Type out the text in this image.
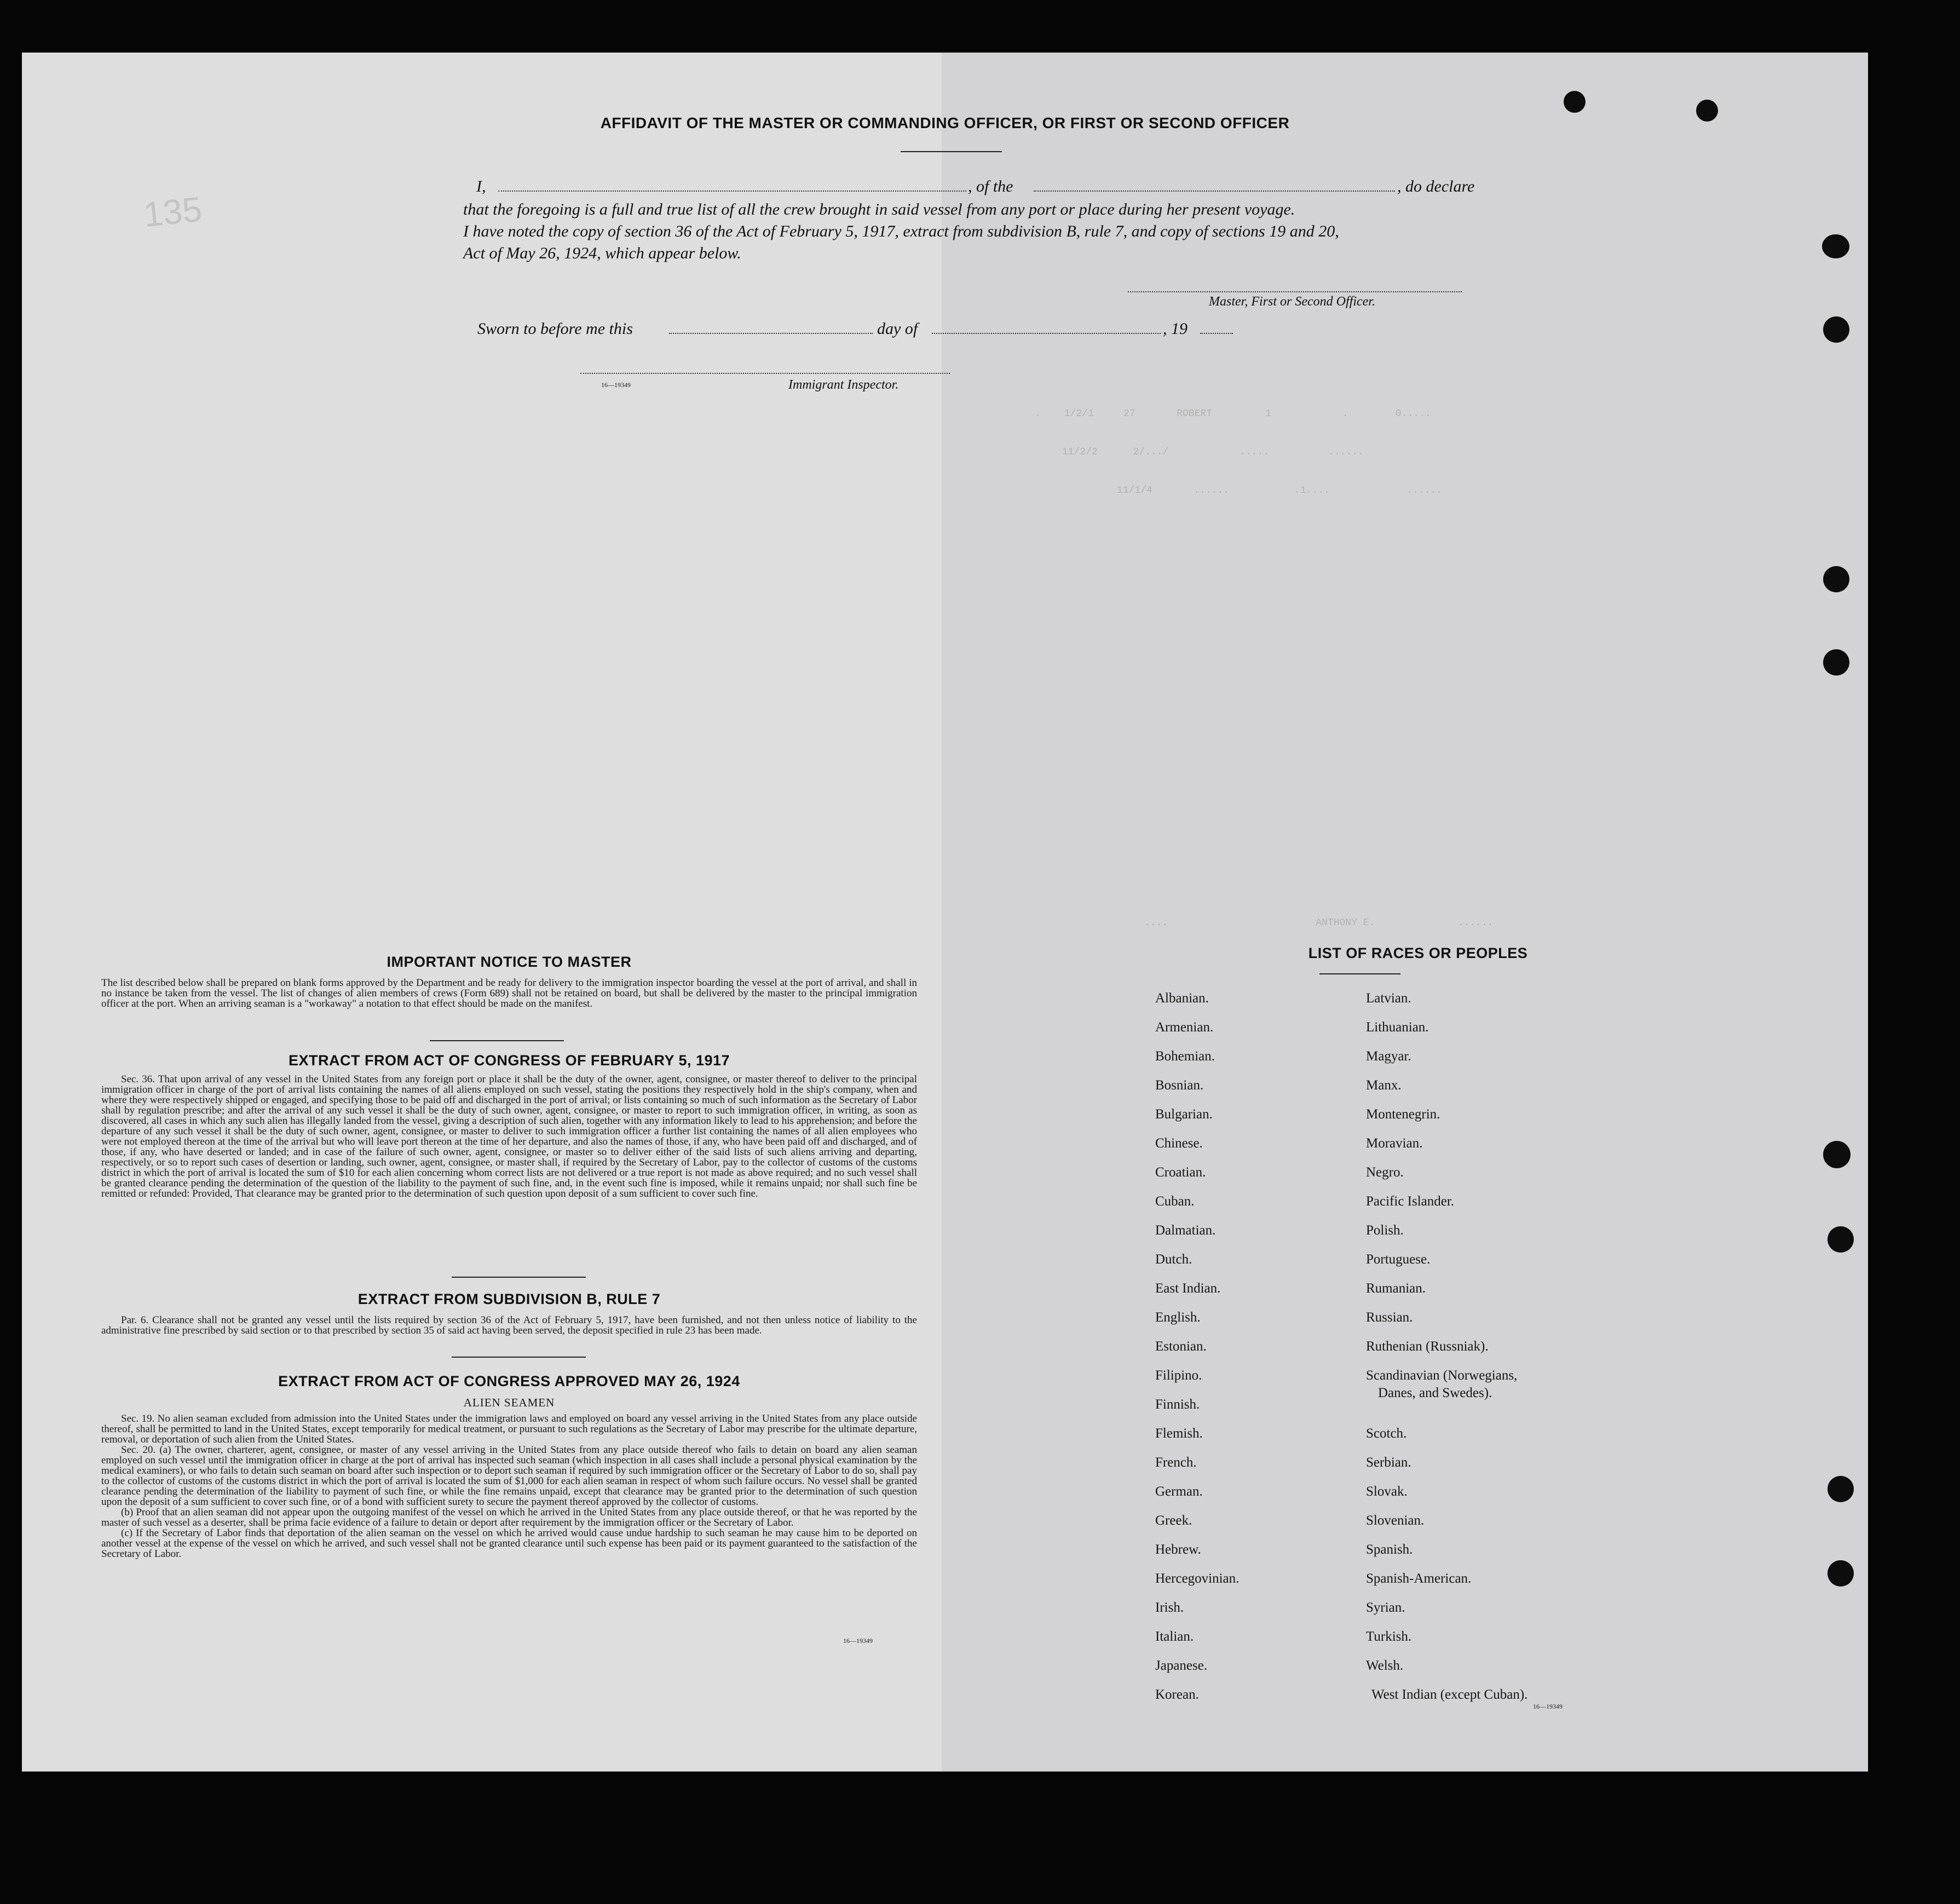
.    1/2/1     27       ROBERT         1            .        0.....
11/2/2      2/.../            .....          ......
11/1/4       ......           .1....             ......
....                         ANTHONY E.              ......
AFFIDAVIT OF THE MASTER OR COMMANDING OFFICER, OR FIRST OR SECOND OFFICER
I,	, of the	, do declare
that the foregoing is a full and true list of all the crew brought in said vessel from any port or place during her present voyage.
I have noted the copy of section 36 of the Act of February 5, 1917, extract from subdivision B, rule 7, and copy of sections 19 and 20,
Act of May 26, 1924, which appear below.
Master, First or Second Officer.
Sworn to before me this	day of	, 19
16—19349	Immigrant Inspector.
IMPORTANT NOTICE TO MASTER
The list described below shall be prepared on blank forms approved by the Department and be ready for delivery to the immigration inspector boarding the vessel at the port of arrival, and shall in no instance be taken from the vessel. The list of changes of alien members of crews (Form 689) shall not be retained on board, but shall be delivered by the master to the principal immigration officer at the port. When an arriving seaman is a "workaway" a notation to that effect should be made on the manifest.
EXTRACT FROM ACT OF CONGRESS OF FEBRUARY 5, 1917
Sec. 36. That upon arrival of any vessel in the United States from any foreign port or place it shall be the duty of the owner, agent, consignee, or master thereof to deliver to the principal immigration officer in charge of the port of arrival lists containing the names of all aliens employed on such vessel, stating the positions they respectively hold in the ship's company, when and where they were respectively shipped or engaged, and specifying those to be paid off and discharged in the port of arrival; or lists containing so much of such information as the Secretary of Labor shall by regulation prescribe; and after the arrival of any such vessel it shall be the duty of such owner, agent, consignee, or master to report to such immigration officer, in writing, as soon as discovered, all cases in which any such alien has illegally landed from the vessel, giving a description of such alien, together with any information likely to lead to his apprehension; and before the departure of any such vessel it shall be the duty of such owner, agent, consignee, or master to deliver to such immigration officer a further list containing the names of all alien employees who were not employed thereon at the time of the arrival but who will leave port thereon at the time of her departure, and also the names of those, if any, who have been paid off and discharged, and of those, if any, who have deserted or landed; and in case of the failure of such owner, agent, consignee, or master so to deliver either of the said lists of such aliens arriving and departing, respectively, or so to report such cases of desertion or landing, such owner, agent, consignee, or master shall, if required by the Secretary of Labor, pay to the collector of customs of the customs district in which the port of arrival is located the sum of $10 for each alien concerning whom correct lists are not delivered or a true report is not made as above required; and no such vessel shall be granted clearance pending the determination of the question of the liability to the payment of such fine, and, in the event such fine is imposed, while it remains unpaid; nor shall such fine be remitted or refunded: Provided, That clearance may be granted prior to the determination of such question upon deposit of a sum sufficient to cover such fine.
EXTRACT FROM SUBDIVISION B, RULE 7
Par. 6. Clearance shall not be granted any vessel until the lists required by section 36 of the Act of February 5, 1917, have been furnished, and not then unless notice of liability to the administrative fine prescribed by said section or to that prescribed by section 35 of said act having been served, the deposit specified in rule 23 has been made.
EXTRACT FROM ACT OF CONGRESS APPROVED MAY 26, 1924
ALIEN SEAMEN
Sec. 19. No alien seaman excluded from admission into the United States under the immigration laws and employed on board any vessel arriving in the United States from any place outside thereof, shall be permitted to land in the United States, except temporarily for medical treatment, or pursuant to such regulations as the Secretary of Labor may prescribe for the ultimate departure, removal, or deportation of such alien from the United States.
Sec. 20. (a) The owner, charterer, agent, consignee, or master of any vessel arriving in the United States from any place outside thereof who fails to detain on board any alien seaman employed on such vessel until the immigration officer in charge at the port of arrival has inspected such seaman (which inspection in all cases shall include a personal physical examination by the medical examiners), or who fails to detain such seaman on board after such inspection or to deport such seaman if required by such immigration officer or the Secretary of Labor to do so, shall pay to the collector of customs of the customs district in which the port of arrival is located the sum of $1,000 for each alien seaman in respect of whom such failure occurs. No vessel shall be granted clearance pending the determination of the liability to payment of such fine, or while the fine remains unpaid, except that clearance may be granted prior to the determination of such question upon the deposit of a sum sufficient to cover such fine, or of a bond with sufficient surety to secure the payment thereof approved by the collector of customs.
(b) Proof that an alien seaman did not appear upon the outgoing manifest of the vessel on which he arrived in the United States from any place outside thereof, or that he was reported by the master of such vessel as a deserter, shall be prima facie evidence of a failure to detain or deport after requirement by the immigration officer or the Secretary of Labor.
(c) If the Secretary of Labor finds that deportation of the alien seaman on the vessel on which he arrived would cause undue hardship to such seaman he may cause him to be deported on another vessel at the expense of the vessel on which he arrived, and such vessel shall not be granted clearance until such expense has been paid or its payment guaranteed to the satisfaction of the Secretary of Labor.
16—19349
LIST OF RACES OR PEOPLES
Albanian.
Armenian.
Bohemian.
Bosnian.
Bulgarian.
Chinese.
Croatian.
Cuban.
Dalmatian.
Dutch.
East Indian.
English.
Estonian.
Filipino.
Finnish.
Flemish.
French.
German.
Greek.
Hebrew.
Hercegovinian.
Irish.
Italian.
Japanese.
Korean.
Latvian.
Lithuanian.
Magyar.
Manx.
Montenegrin.
Moravian.
Negro.
Pacific Islander.
Polish.
Portuguese.
Rumanian.
Russian.
Ruthenian (Russniak).
Scandinavian (Norwegians,
Danes, and Swedes).
Scotch.
Serbian.
Slovak.
Slovenian.
Spanish.
Spanish-American.
Syrian.
Turkish.
Welsh.
West Indian (except Cuban).
16—19349
135
